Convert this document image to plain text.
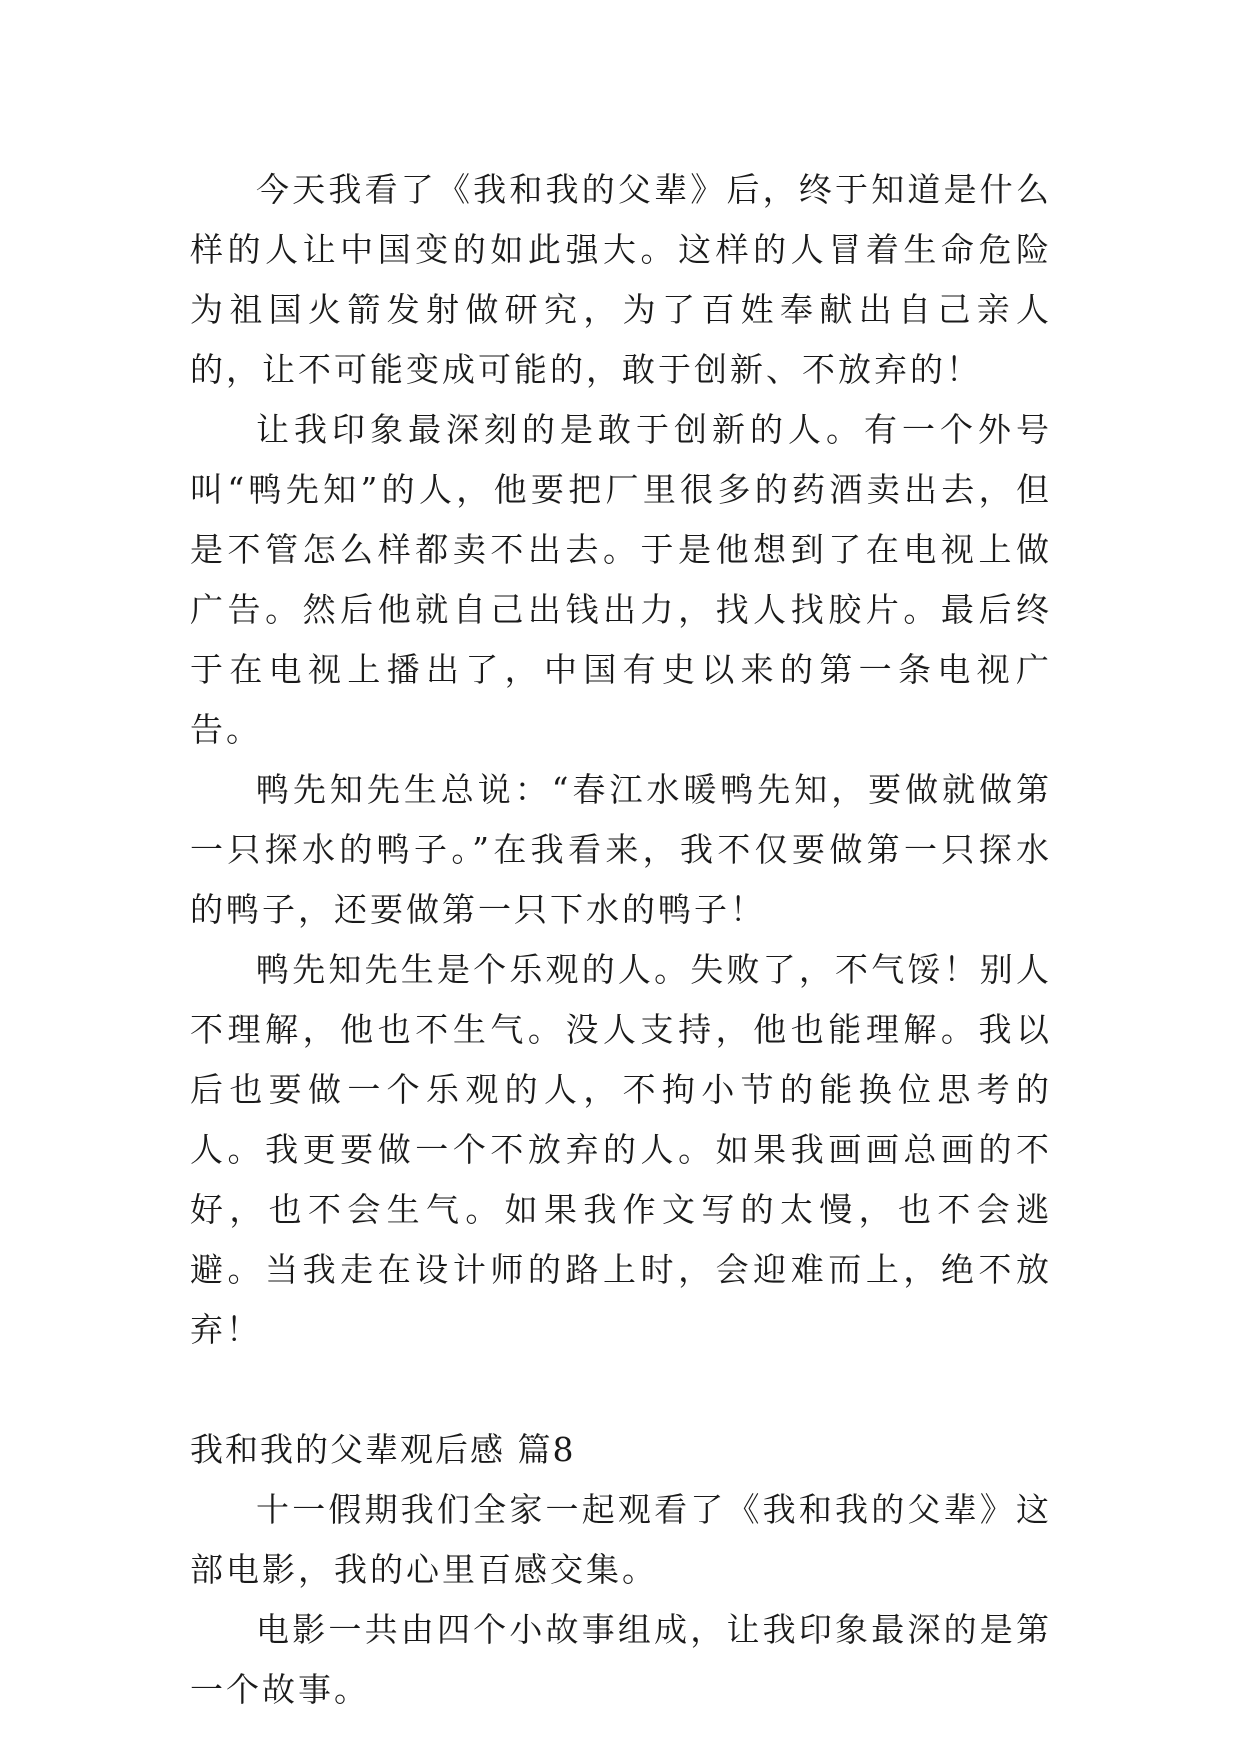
今天我看了《我和我的父辈》后，终于知道是什么样的人让中国变的如此强大。这样的人冒着生命危险为祖国火箭发射做研究，为了百姓奉献出自己亲人的，让不可能变成可能的，敢于创新、不放弃的！

让我印象最深刻的是敢于创新的人。有一个外号叫“鸭先知”的人，他要把厂里很多的药酒卖出去，但是不管怎么样都卖不出去。于是他想到了在电视上做广告。然后他就自己出钱出力，找人找胶片。最后终于在电视上播出了，中国有史以来的第一条电视广告。

鸭先知先生总说：“春江水暖鸭先知，要做就做第一只探水的鸭子。”在我看来，我不仅要做第一只探水的鸭子，还要做第一只下水的鸭子！

鸭先知先生是个乐观的人。失败了，不气馁！别人不理解，他也不生气。没人支持，他也能理解。我以后也要做一个乐观的人，不拘小节的能换位思考的人。我更要做一个不放弃的人。如果我画画总画的不好，也不会生气。如果我作文写的太慢，也不会逃避。当我走在设计师的路上时，会迎难而上，绝不放弃！

我和我的父辈观后感 篇8

十一假期我们全家一起观看了《我和我的父辈》这部电影，我的心里百感交集。

电影一共由四个小故事组成，让我印象最深的是第一个故事。
